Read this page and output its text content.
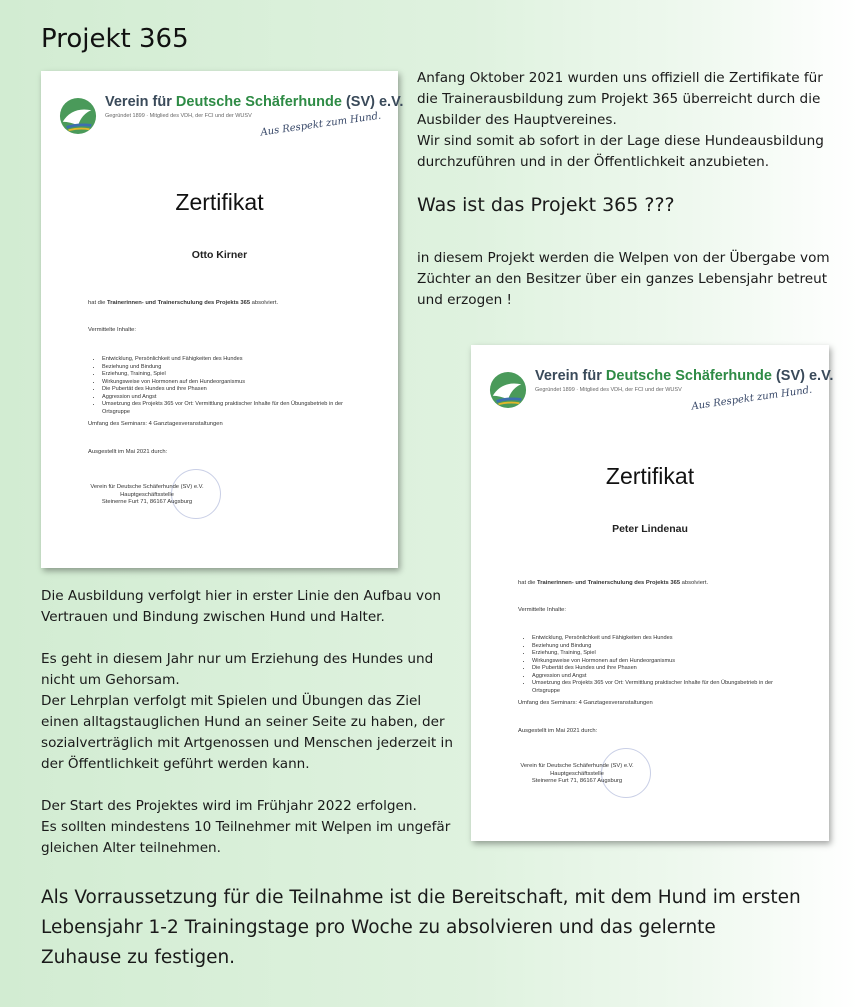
Projekt 365

Anfang Oktober 2021 wurden uns offiziell die Zertifikate für die Trainerausbildung zum Projekt 365 überreicht durch die Ausbilder des Hauptvereines.

Wir sind somit ab sofort in der Lage diese Hundeausbildung durchzuführen und in der Öffentlichkeit anzubieten.

Was ist das Projekt 365 ???
in diesem Projekt werden die Welpen von der Übergabe vom Züchter an den Besitzer über ein ganzes Lebensjahr betreut und erzogen !

Die Ausbildung verfolgt hier in erster Linie den Aufbau von Vertrauen und Bindung zwischen Hund und Halter.

Es geht in diesem Jahr nur um Erziehung des Hundes und nicht um Gehorsam.

Der Lehrplan verfolgt mit Spielen und Übungen das Ziel einen alltagstauglichen Hund an seiner Seite zu haben, der sozialverträglich mit Artgenossen und Menschen jederzeit in der Öffentlichkeit geführt werden kann.

Der Start des Projektes wird im Frühjahr 2022 erfolgen.

Es sollten mindestens 10 Teilnehmer mit Welpen im ungefär gleichen Alter teilnehmen.

Als Vorraussetzung für die Teilnahme ist die Bereitschaft, mit dem Hund im ersten Lebensjahr 1-2 Trainingstage pro Woche zu absolvieren und das gelernte Zuhause zu festigen.

Verein für Deutsche Schäferhunde (SV) e.V.
Gegründet 1899 · Mitglied des VDH, der FCI und der WUSV Aus Respekt zum Hund.
Zertifikat
Otto Kirner
hat die Trainerinnen- und Trainerschulung des Projekts 365 absolviert.
Vermittelte Inhalte:
• Entwicklung, Persönlichkeit und Fähigkeiten des Hundes
• Beziehung und Bindung
• Erziehung, Training, Spiel
• Wirkungsweise von Hormonen auf den Hundeorganismus
• Die Pubertät des Hundes und ihre Phasen
• Aggression und Angst
• Umsetzung des Projekts 365 vor Ort: Vermittlung praktischer Inhalte für den Übungsbetrieb in der Ortsgruppe
Umfang des Seminars: 4 Ganztagesveranstaltungen
Ausgestellt im Mai 2021 durch:
Verein für Deutsche Schäferhunde (SV) e.V.
Hauptgeschäftsstelle
Steinerne Furt 71, 86167 Augsburg
Verein für Deutsche Schäferhunde (SV) e.V.
Gegründet 1899 · Mitglied des VDH, der FCI und der WUSV Aus Respekt zum Hund.
Zertifikat
Peter Lindenau
hat die Trainerinnen- und Trainerschulung des Projekts 365 absolviert.
Vermittelte Inhalte:
• Entwicklung, Persönlichkeit und Fähigkeiten des Hundes
• Beziehung und Bindung
• Erziehung, Training, Spiel
• Wirkungsweise von Hormonen auf den Hundeorganismus
• Die Pubertät des Hundes und ihre Phasen
• Aggression und Angst
• Umsetzung des Projekts 365 vor Ort: Vermittlung praktischer Inhalte für den Übungsbetrieb in der Ortsgruppe
Umfang des Seminars: 4 Ganztagesveranstaltungen
Ausgestellt im Mai 2021 durch:
Verein für Deutsche Schäferhunde (SV) e.V.
Hauptgeschäftsstelle
Steinerne Furt 71, 86167 Augsburg
